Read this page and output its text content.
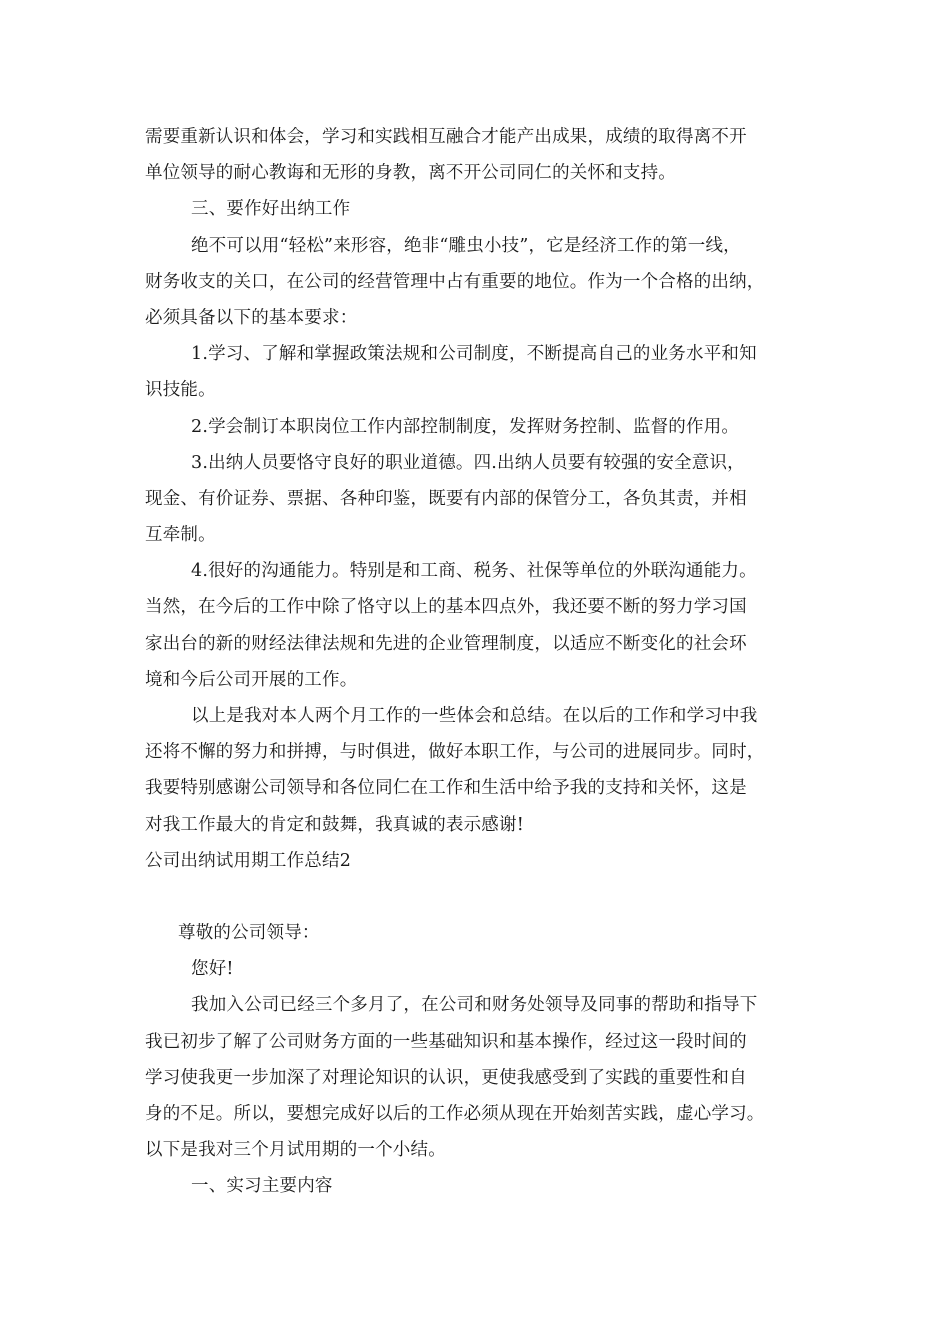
需要重新认识和体会，学习和实践相互融合才能产出成果，成绩的取得离不开
单位领导的耐心教诲和无形的身教，离不开公司同仁的关怀和支持。
三、要作好出纳工作
绝不可以用“轻松”来形容，绝非“雕虫小技”，它是经济工作的第一线，
财务收支的关口，在公司的经营管理中占有重要的地位。作为一个合格的出纳，
必须具备以下的基本要求：
1.学习、了解和掌握政策法规和公司制度，不断提高自己的业务水平和知
识技能。
2.学会制订本职岗位工作内部控制制度，发挥财务控制、监督的作用。
3.出纳人员要恪守良好的职业道德。四.出纳人员要有较强的安全意识，
现金、有价证券、票据、各种印鉴，既要有内部的保管分工，各负其责，并相
互牵制。
4.很好的沟通能力。特别是和工商、税务、社保等单位的外联沟通能力。
当然，在今后的工作中除了恪守以上的基本四点外，我还要不断的努力学习国
家出台的新的财经法律法规和先进的企业管理制度，以适应不断变化的社会环
境和今后公司开展的工作。
以上是我对本人两个月工作的一些体会和总结。在以后的工作和学习中我
还将不懈的努力和拼搏，与时俱进，做好本职工作，与公司的进展同步。同时，
我要特别感谢公司领导和各位同仁在工作和生活中给予我的支持和关怀，这是
对我工作最大的肯定和鼓舞，我真诚的表示感谢!
公司出纳试用期工作总结2
尊敬的公司领导：
您好!
我加入公司已经三个多月了，在公司和财务处领导及同事的帮助和指导下
我已初步了解了公司财务方面的一些基础知识和基本操作，经过这一段时间的
学习使我更一步加深了对理论知识的认识，更使我感受到了实践的重要性和自
身的不足。所以，要想完成好以后的工作必须从现在开始刻苦实践，虚心学习。
以下是我对三个月试用期的一个小结。
一、实习主要内容
